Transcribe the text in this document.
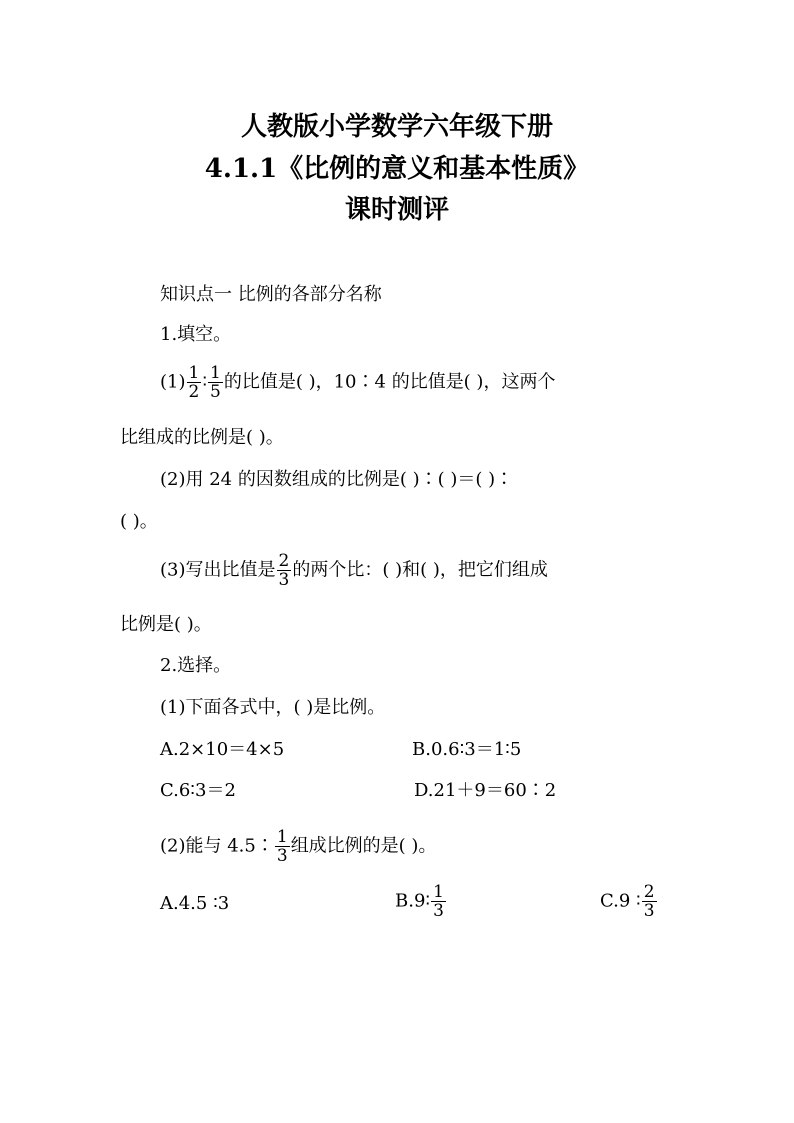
人教版小学数学六年级下册
4.1.1《比例的意义和基本性质》
课时测评
知识点一 比例的各部分名称
1.填空。
$(1) \frac{1}{2}$ ∶ $\frac{1}{5}$ 的比值是( )，10∶4 的比值是( )，这两个
比组成的比例是( )。
(2)用 24 的因数组成的比例是( )∶( )＝( )∶
( )。
(3)写出比值是 $\frac{2}{3}$ 的两个比：( )和( )，把它们组成
比例是( )。
2.选择。
(1)下面各式中，( )是比例。
A.2×10＝4×5	B.0.6∶3＝1∶5
C.6∶3＝2	D.21＋9＝60∶2
(2)能与 4.5∶ $\frac{1}{3}$ 组成比例的是( )。
A.4.5 ∶3	B.9∶ $\frac{1}{3}$	C.9 ∶ $\frac{2}{3}$
